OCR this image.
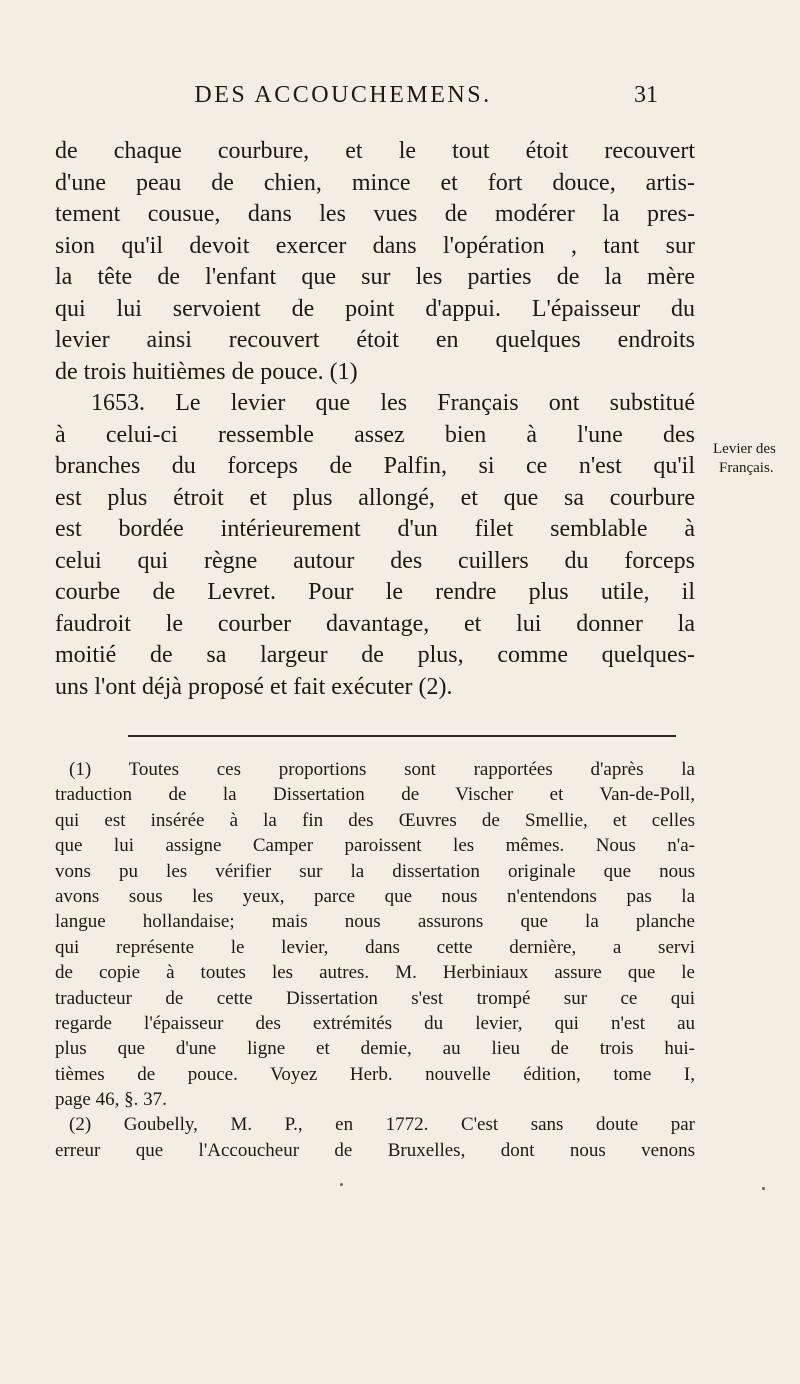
DES ACCOUCHEMENS.	31
de chaque courbure, et le tout étoit recouvert
d'une peau de chien, mince et fort douce, artis-
tement cousue, dans les vues de modérer la pres-
sion qu'il devoit exercer dans l'opération , tant sur
la tête de l'enfant que sur les parties de la mère
qui lui servoient de point d'appui. L'épaisseur du
levier ainsi recouvert étoit en quelques endroits
de trois huitièmes de pouce. (1)
1653. Le levier que les Français ont substitué
à celui-ci ressemble assez bien à l'une des
branches du forceps de Palfin, si ce n'est qu'il
est plus étroit et plus allongé, et que sa courbure
est bordée intérieurement d'un filet semblable à
celui qui règne autour des cuillers du forceps
courbe de Levret. Pour le rendre plus utile, il
faudroit le courber davantage, et lui donner la
moitié de sa largeur de plus, comme quelques-
uns l'ont déjà proposé et fait exécuter (2).
Levier des
Français.
(1) Toutes ces proportions sont rapportées d'après la
traduction de la Dissertation de Vischer et Van-de-Poll,
qui est insérée à la fin des Œuvres de Smellie, et celles
que lui assigne Camper paroissent les mêmes. Nous n'a-
vons pu les vérifier sur la dissertation originale que nous
avons sous les yeux, parce que nous n'entendons pas la
langue hollandaise; mais nous assurons que la planche
qui représente le levier, dans cette dernière, a servi
de copie à toutes les autres. M. Herbiniaux assure que le
traducteur de cette Dissertation s'est trompé sur ce qui
regarde l'épaisseur des extrémités du levier, qui n'est au
plus que d'une ligne et demie, au lieu de trois hui-
tièmes de pouce. Voyez Herb. nouvelle édition, tome I,
page 46, §. 37.
(2) Goubelly, M. P., en 1772. C'est sans doute par
erreur que l'Accoucheur de Bruxelles, dont nous venons
